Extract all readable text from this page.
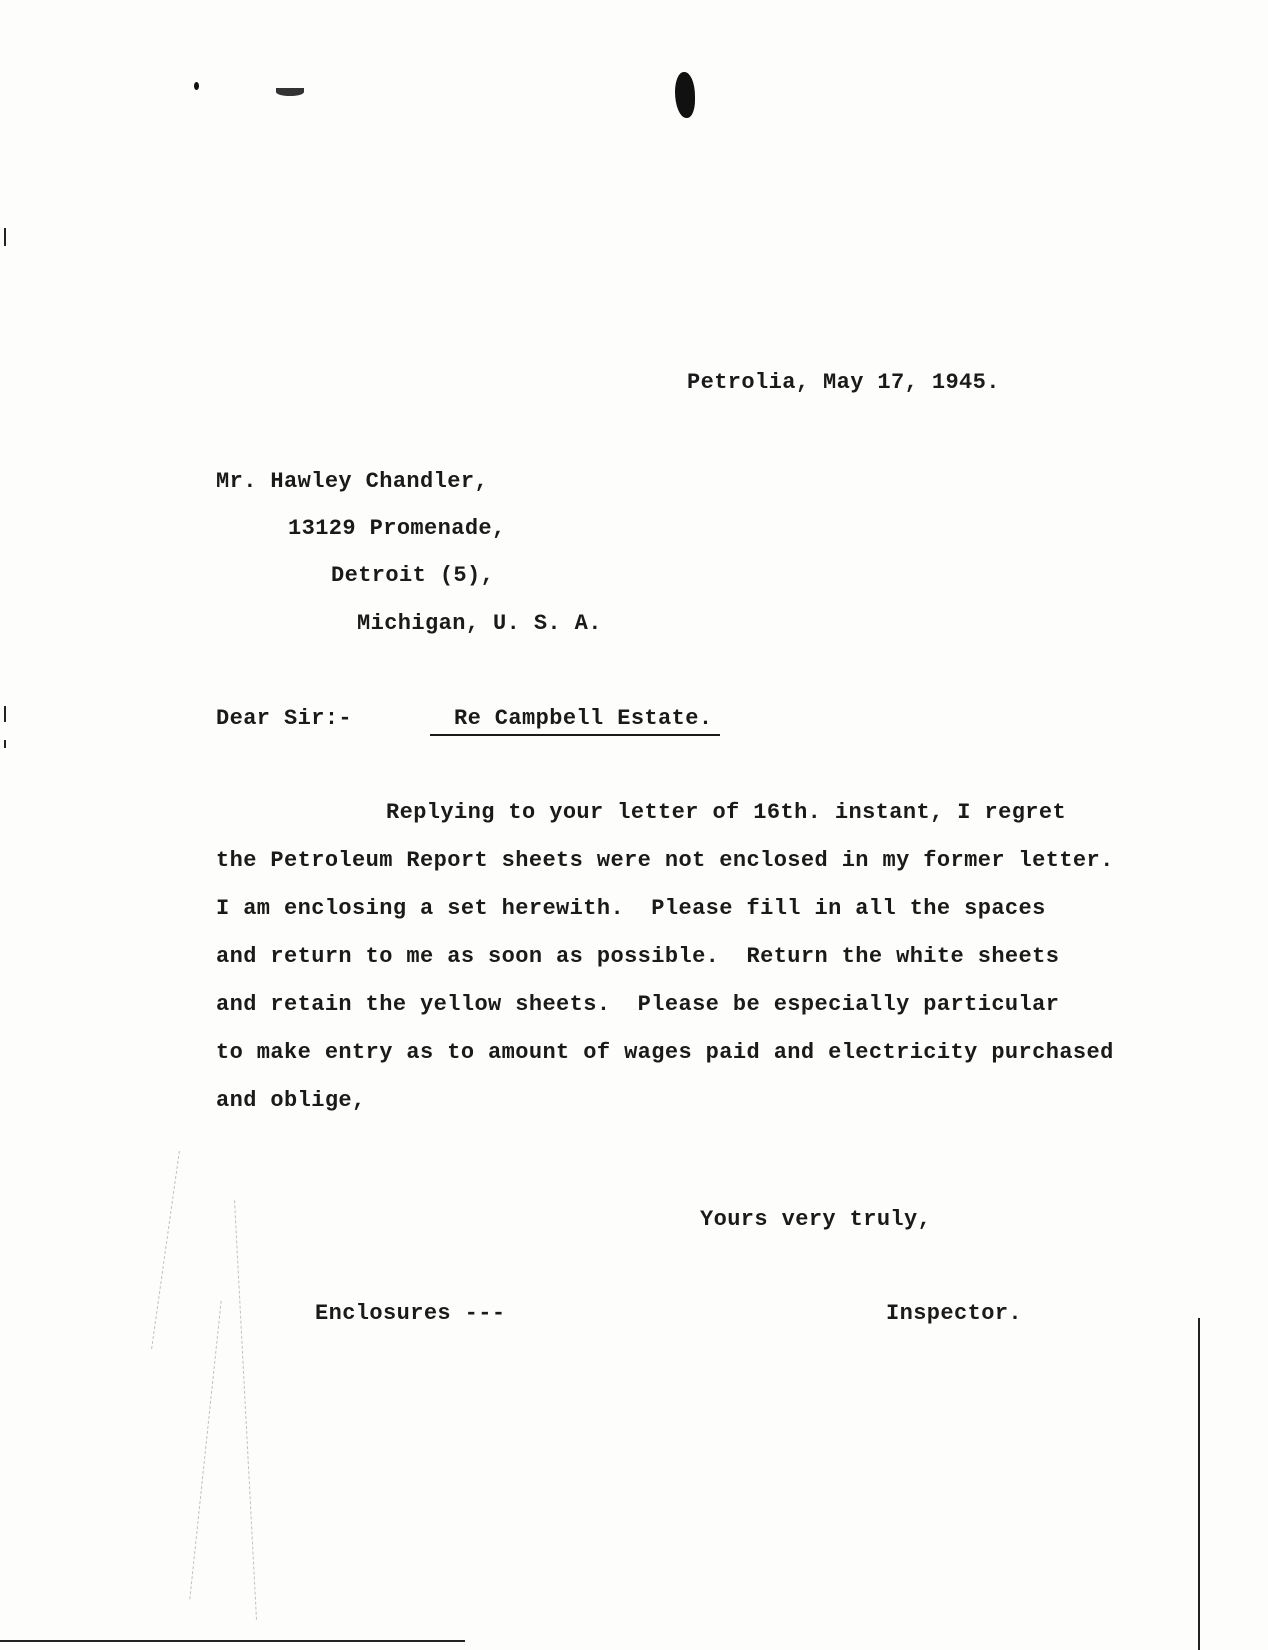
Petrolia, May 17, 1945.
Mr. Hawley Chandler,
13129 Promenade,
Detroit (5),
Michigan, U. S. A.
Dear Sir:-	Re Campbell Estate.
Replying to your letter of 16th. instant, I regret
the Petroleum Report sheets were not enclosed in my former letter.
I am enclosing a set herewith.  Please fill in all the spaces
and return to me as soon as possible.  Return the white sheets
and retain the yellow sheets.  Please be especially particular
to make entry as to amount of wages paid and electricity purchased
and oblige,
Yours very truly,
Enclosures ---	Inspector.
